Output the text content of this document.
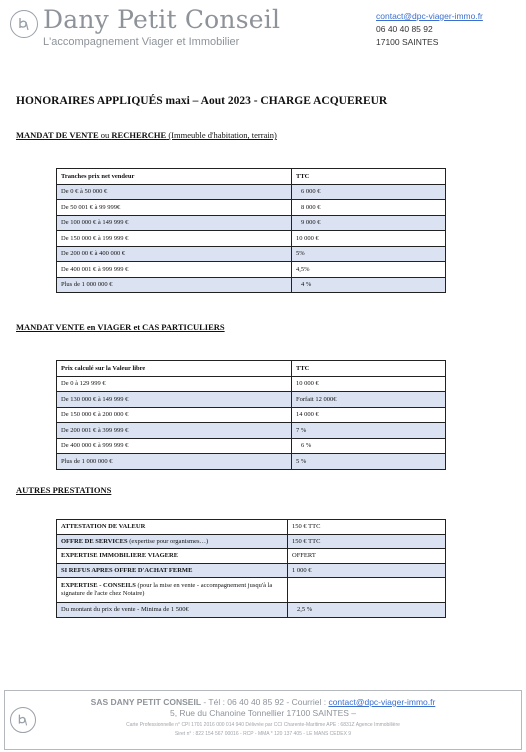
Dany Petit Conseil
L'accompagnement Viager et Immobilier
contact@dpc-viager-immo.fr
06 40 40 85 92
17100 SAINTES
HONORAIRES APPLIQUÉS maxi – Aout 2023 - CHARGE ACQUEREUR
MANDAT DE VENTE ou RECHERCHE (Immeuble d'habitation, terrain)
Tranches prix net vendeur	TTC
De 0 € à 50 000 €	6 000 €
De 50 001 € à 99 999€	8 000 €
De 100 000 € à 149 999 €	9 000 €
De 150 000 € à 199 999 €	10 000 €
De 200 00 € à 400 000 €	5%
De 400 001 € à 999 999 €	4,5%
Plus de 1 000 000 €	4 %
MANDAT VENTE en VIAGER et CAS PARTICULIERS
Prix calculé sur la Valeur libre	TTC
De 0 à 129 999 €	10 000 €
De 130 000 € à 149 999 €	Forfait 12 000€
De 150 000 € à 200 000 €	14 000 €
De 200 001 € à 399 999 €	7 %
De 400 000 € à 999 999 €	6 %
Plus de 1 000 000 €	5 %
AUTRES PRESTATIONS
ATTESTATION DE VALEUR	150 € TTC
OFFRE DE SERVICES (expertise pour organismes…)	150 € TTC
EXPERTISE IMMOBILIERE VIAGERE	OFFERT
SI REFUS APRES OFFRE D'ACHAT FERME	1 000 €
EXPERTISE - CONSEILS (pour la mise en vente - accompagnement jusqu'à la signature de l'acte chez Notaire)	
Du montant du prix de vente - Minima de 1 500€	2,5 %
SAS DANY PETIT CONSEIL - Tél : 06 40 40 85 92 - Courriel : contact@dpc-viager-immo.fr
5, Rue du Chanoine Tonnellier 17100 SAINTES –
Carte Professionnelle n° CPI 1701 2016 000 014 940 Délivrée par CCI Charente-Maritime APE : 6831Z Agence Immobilière
Siret n° : 822 154 567 00016 - RCP - MMA * 120 137 405 - LE MANS CEDEX 9
